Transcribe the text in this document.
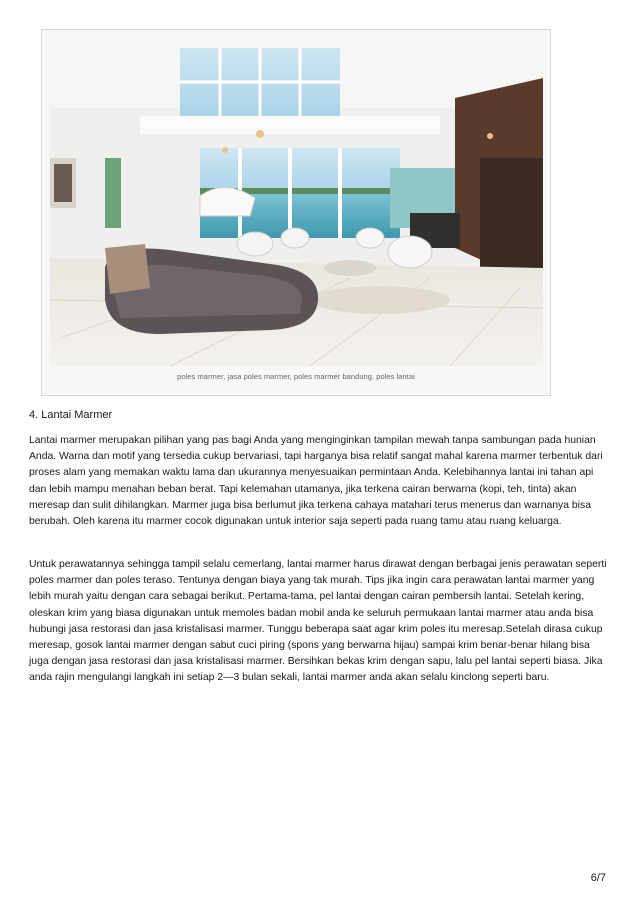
poles marmer, jasa poles marmer, poles marmer bandung, poles lantai
4. Lantai Marmer

Lantai marmer merupakan pilihan yang pas bagi Anda yang menginginkan tampilan mewah tanpa sambungan pada hunian Anda. Warna dan motif yang tersedia cukup bervariasi, tapi harganya bisa relatif sangat mahal karena marmer terbentuk dari proses alam yang memakan waktu lama dan ukurannya menyesuaikan permintaan Anda. Kelebihannya lantai ini tahan api dan lebih mampu menahan beban berat. Tapi kelemahan utamanya, jika terkena cairan berwarna (kopi, teh, tinta) akan meresap dan sulit dihilangkan. Marmer juga bisa berlumut jika terkena cahaya matahari terus menerus dan warnanya bisa berubah. Oleh karena itu marmer cocok digunakan untuk interior saja seperti pada ruang tamu atau ruang keluarga.

Untuk perawatannya sehingga tampil selalu cemerlang, lantai marmer harus dirawat dengan berbagai jenis perawatan seperti poles marmer dan poles teraso. Tentunya dengan biaya yang tak murah. Tips jika ingin cara perawatan lantai marmer yang lebih murah yaitu dengan cara sebagai berikut. Pertama-tama, pel lantai dengan cairan pembersih lantai. Setelah kering, oleskan krim yang biasa digunakan untuk memoles badan mobil anda ke seluruh permukaan lantai marmer atau anda bisa hubungi jasa restorasi dan jasa kristalisasi marmer. Tunggu beberapa saat agar krim poles itu meresap.Setelah dirasa cukup meresap, gosok lantai marmer dengan sabut cuci piring (spons yang berwarna hijau) sampai krim benar-benar hilang bisa juga dengan jasa restorasi dan jasa kristalisasi marmer. Bersihkan bekas krim dengan sapu, lalu pel lantai seperti biasa. Jika anda rajin mengulangi langkah ini setiap 2—3 bulan sekali, lantai marmer anda akan selalu kinclong seperti baru.

6/7
